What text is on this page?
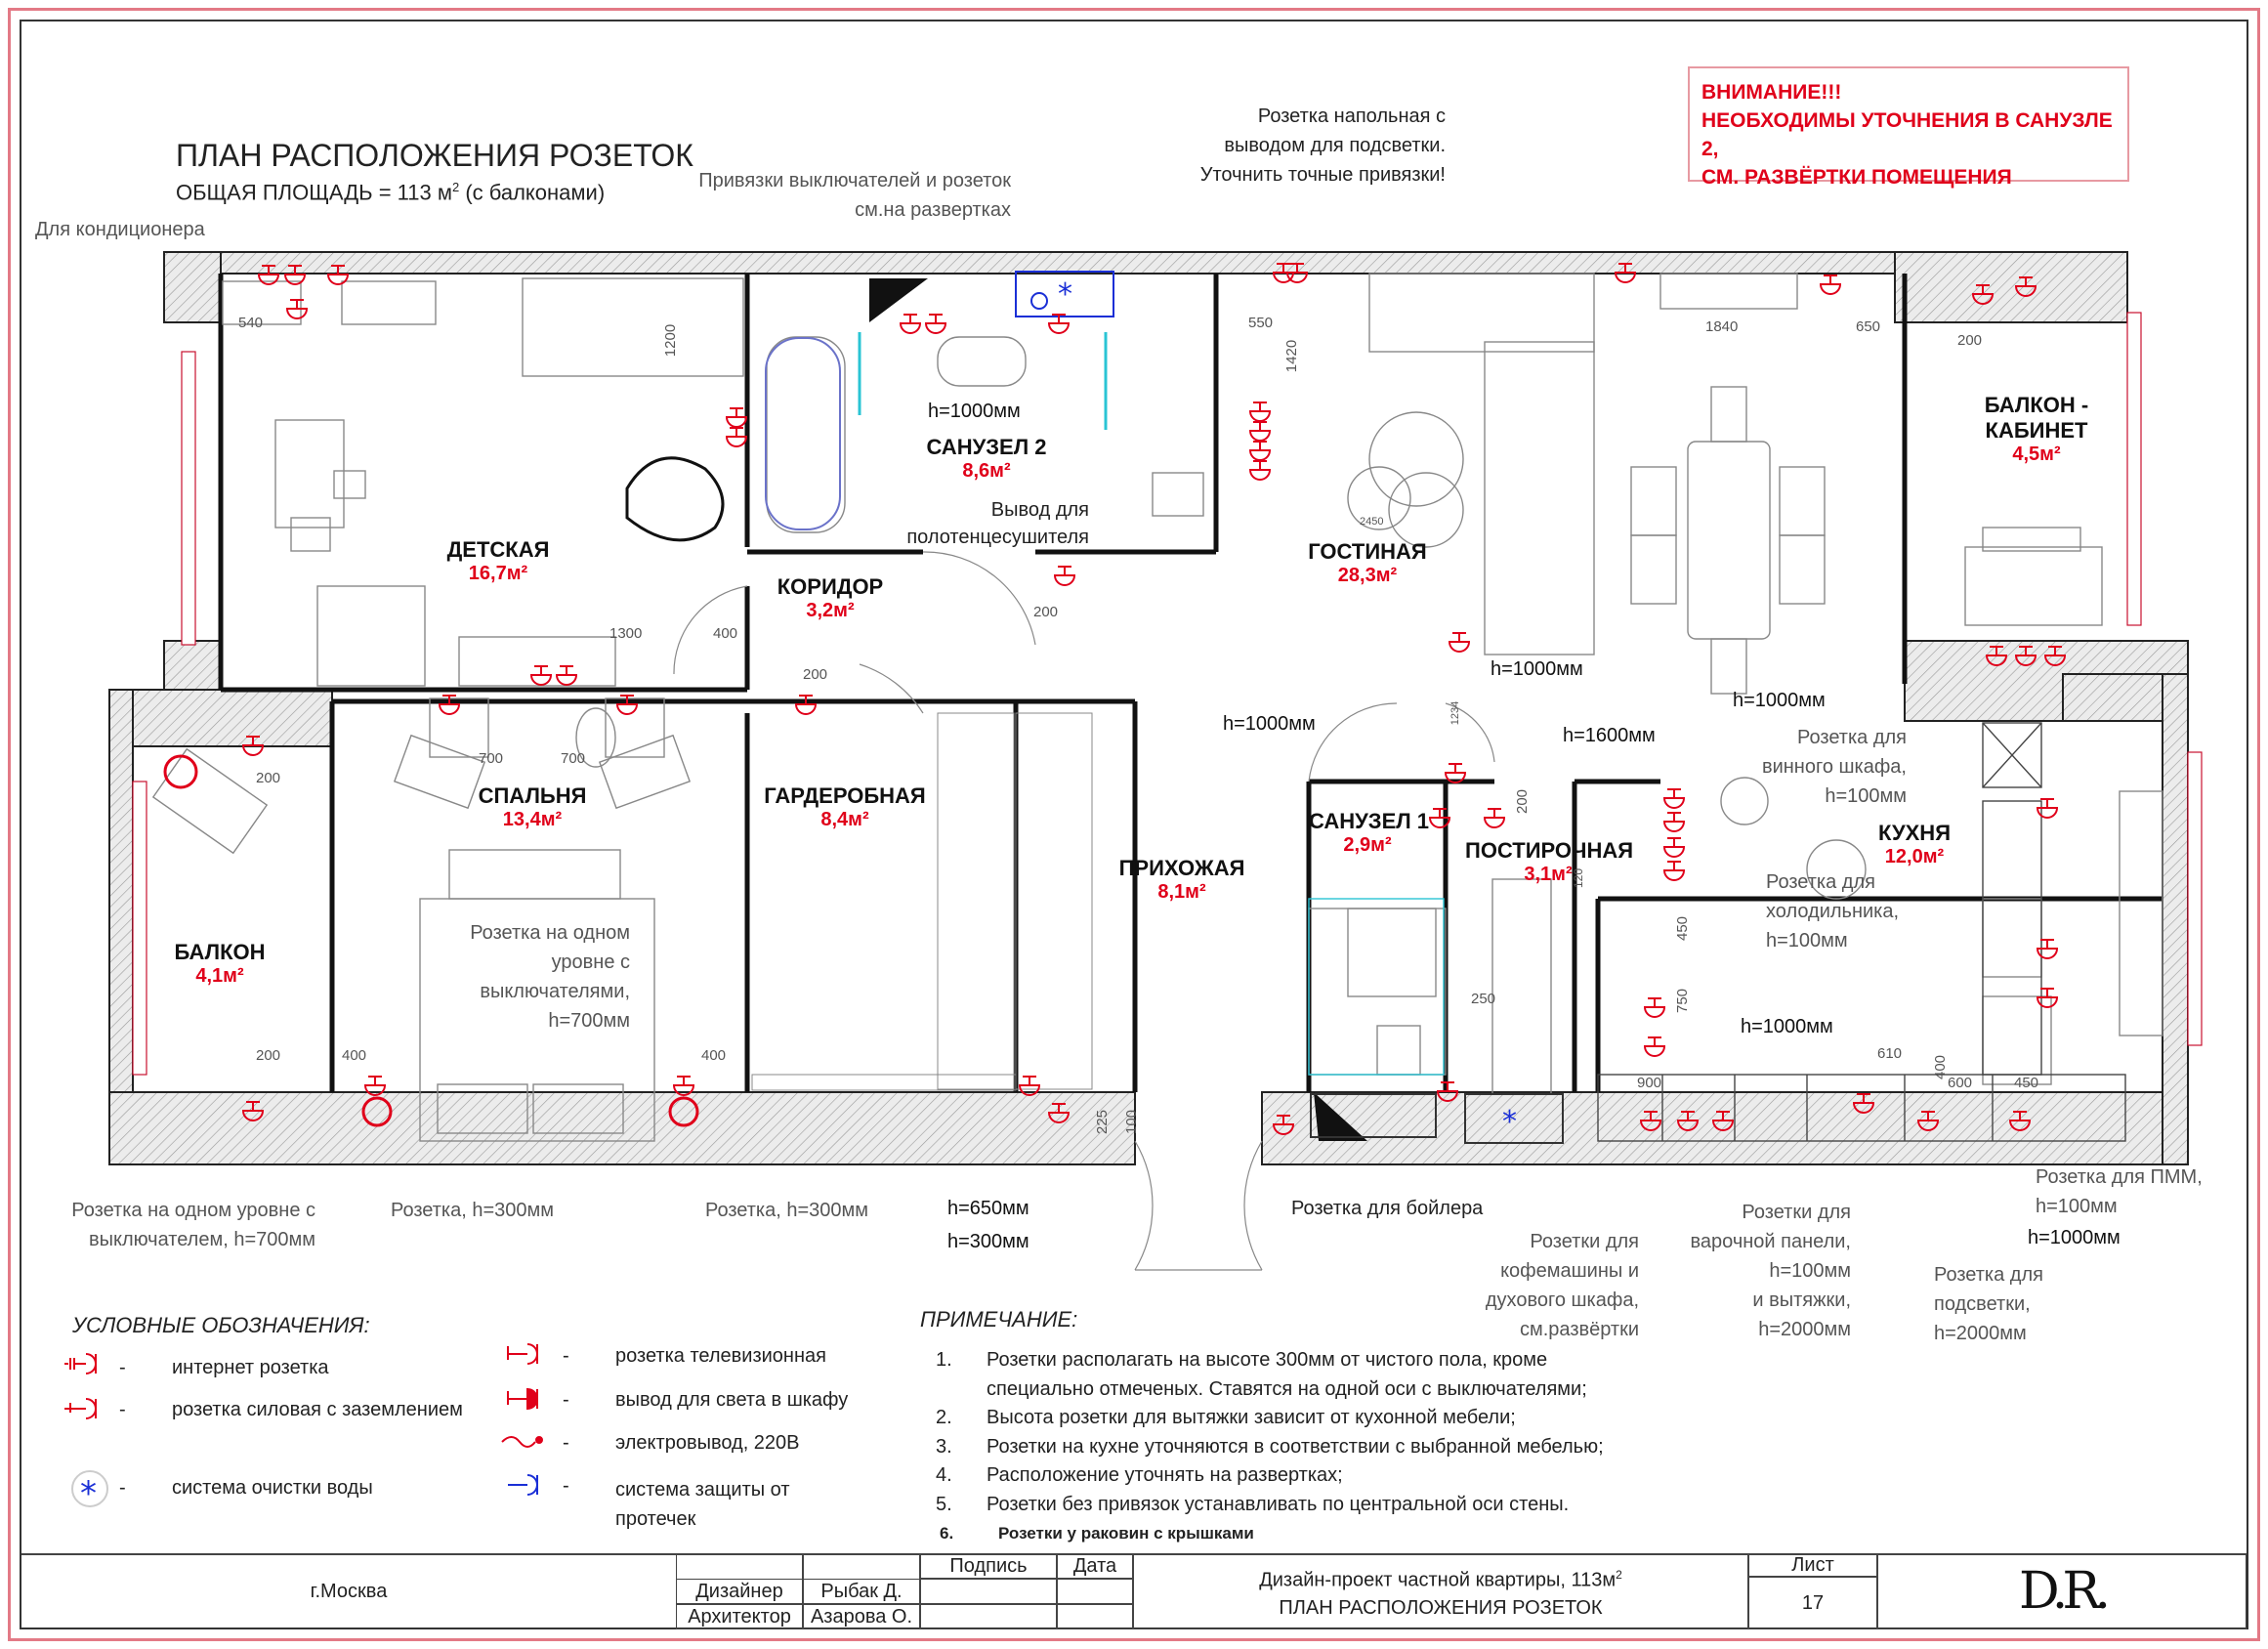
*
*
ПЛАН РАСПОЛОЖЕНИЯ РОЗЕТОК
ОБЩАЯ ПЛОЩАДЬ = 113 $м^2$ (с балконами)
Для кондиционера
Привязки выключателей и розеток
см.на развертках
Розетка напольная с
выводом для подсветки.
Уточнить точные привязки!
ВНИМАНИЕ!!!
НЕОБХОДИМЫ УТОЧНЕНИЯ В САНУЗЛЕ 2,
СМ. РАЗВЁРТКИ ПОМЕЩЕНИЯ
ДЕТСКАЯ
16,7м²
САНУЗЕЛ 2
8,6м²
КОРИДОР
3,2м²
ГОСТИНАЯ
28,3м²
БАЛКОН -
КАБИНЕТ
4,5м²
СПАЛЬНЯ
13,4м²
ГАРДЕРОБНАЯ
8,4м²
ПРИХОЖАЯ
8,1м²
САНУЗЕЛ 1
2,9м²	ПОСТИРОЧНАЯ
3,1м²
КУХНЯ
12,0м²
БАЛКОН
4,1м²
h=1000мм
Вывод для
полотенцесушителя
h=1000мм
h=1000мм
h=1600мм
h=1000мм
h=1000мм
h=1000мм
Розетка для
винного шкафа,
h=100мм
Розетка для
холодильника,
h=100мм
Розетка на одном
уровне с
выключателями,
h=700мм
Розетка на одном уровне с
выключателем, h=700мм
Розетка, h=300мм	Розетка, h=300мм	h=650мм
h=300мм
Розетка для бойлера
Розетки для
кофемашины и
духового шкафа,
см.развёртки
Розетки для
варочной панели,
h=100мм
и вытяжки,
h=2000мм
Розетка для ПММ,
h=100мм
Розетка для
подсветки,
h=2000мм
540
1200
1300	400
200
700	700
200
200	400	400
550
1420
1840	650
200
2450
200
1234
200
120
250
450
750
900
610
400
600	450
225 100
УСЛОВНЫЕ ОБОЗНАЧЕНИЯ:
*
- интернет розетка
- розетка силовая с заземлением
- система очистки воды
- розетка телевизионная
- вывод для света в шкафу
- электровывод, 220В
- система защиты от
протечек
ПРИМЕЧАНИЕ:
1.	Розетки располагать на высоте 300мм от чистого пола, кроме
специально отмеченых. Ставятся на одной оси с выключателями;
2.	Высота розетки для вытяжки зависит от кухонной мебели;
3.	Розетки на кухне уточняются в соответствии с выбранной мебелью;
4.	Расположение уточнять на развертках;
5.	Розетки без привязок устанавливать по центральной оси стены.
6.	Розетки у раковин с крышками
г.Москва
Подпись	Дата
Дизайнер	Рыбак Д.
Архитектор	Азарова О.
Дизайн-проект частной квартиры, $113м^2$
ПЛАН РАСПОЛОЖЕНИЯ РОЗЕТОК
Лист
17	D.R.
